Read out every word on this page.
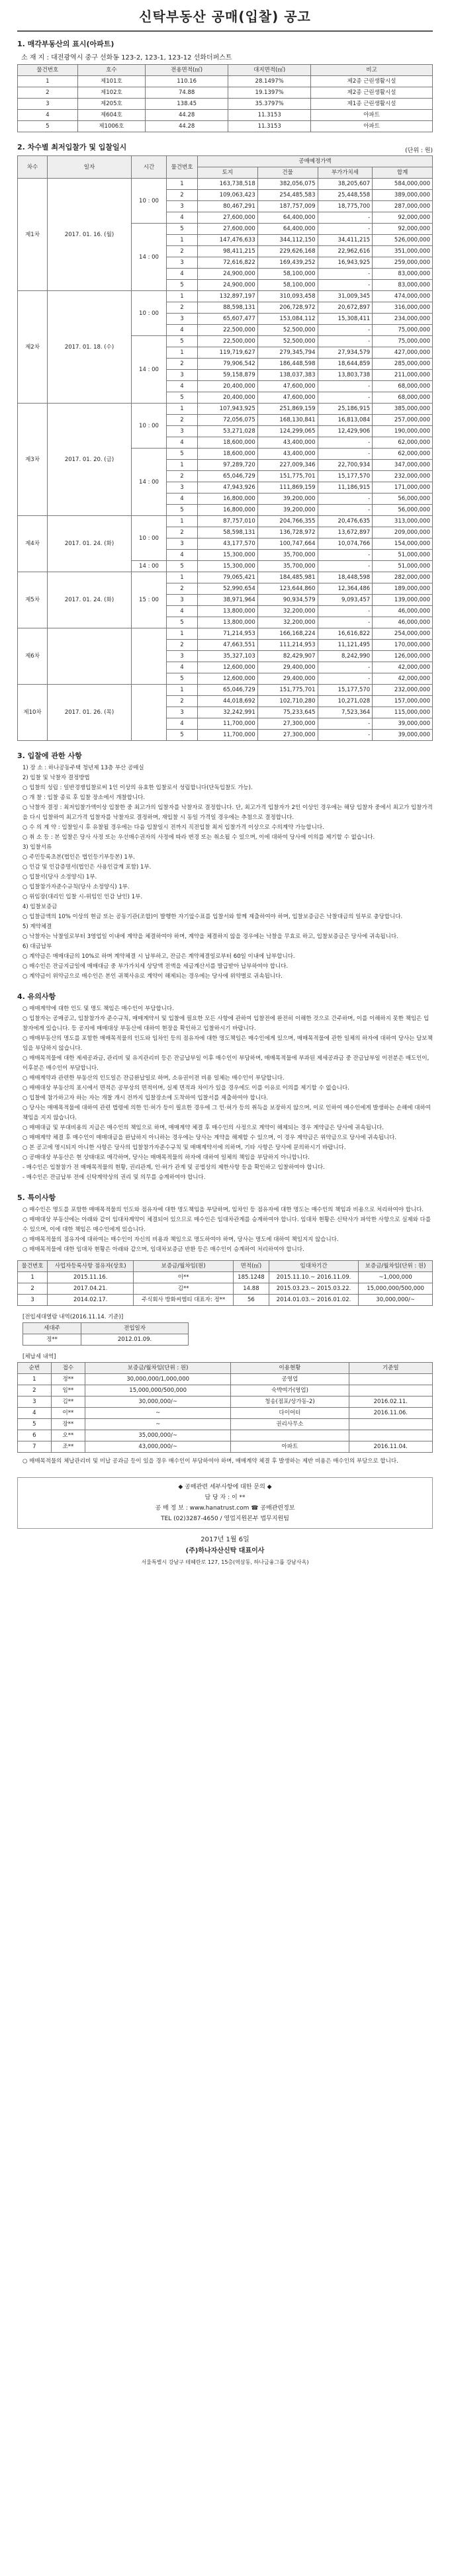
신탁부동산 공매(입찰) 공고
1. 매각부동산의 표시(아파트)
소 재 지 : 대전광역시 중구 선화동 123-2, 123-1, 123-12 선화더퍼스트
물건번호	호수	전용면적(㎡)	대지면적(㎡)	비고
1	제101호	110.16	28.1497%	제2종 근린생활시설
2	제102호	74.88	19.1397%	제2종 근린생활시설
3	제205호	138.45	35.3797%	제1종 근린생활시설
4	제604호	44.28	11.3153	아파트
5	제1006호	44.28	11.3153	아파트
2. 차수별 최저입찰가 및 입찰일시	(단위 : 원)
차수	일자	시간	물건번호	공매예정가액			
				토지	건물	부가가치세	합계
제1차	2017. 01. 16. (월)	10 : 00	1	163,738,518	382,056,075	38,205,607	584,000,000
			2	109,063,423	254,485,583	25,448,558	389,000,000
			3	80,467,291	187,757,009	18,775,700	287,000,000
			4	27,600,000	64,400,000	-	92,000,000
		14 : 00	5	27,600,000	64,400,000	-	92,000,000
			1	147,476,633	344,112,150	34,411,215	526,000,000
			2	98,411,215	229,626,168	22,962,616	351,000,000
			3	72,616,822	169,439,252	16,943,925	259,000,000
			4	24,900,000	58,100,000	-	83,000,000
			5	24,900,000	58,100,000	-	83,000,000
제2차	2017. 01. 18. (수)	10 : 00	1	132,897,197	310,093,458	31,009,345	474,000,000
			2	88,598,131	206,728,972	20,672,897	316,000,000
			3	65,607,477	153,084,112	15,308,411	234,000,000
			4	22,500,000	52,500,000	-	75,000,000
		14 : 00	5	22,500,000	52,500,000	-	75,000,000
			1	119,719,627	279,345,794	27,934,579	427,000,000
			2	79,906,542	186,448,598	18,644,859	285,000,000
			3	59,158,879	138,037,383	13,803,738	211,000,000
			4	20,400,000	47,600,000	-	68,000,000
			5	20,400,000	47,600,000	-	68,000,000
제3차	2017. 01. 20. (금)	10 : 00	1	107,943,925	251,869,159	25,186,915	385,000,000
			2	72,056,075	168,130,841	16,813,084	257,000,000
			3	53,271,028	124,299,065	12,429,906	190,000,000
			4	18,600,000	43,400,000	-	62,000,000
		14 : 00	5	18,600,000	43,400,000	-	62,000,000
			1	97,289,720	227,009,346	22,700,934	347,000,000
			2	65,046,729	151,775,701	15,177,570	232,000,000
			3	47,943,926	111,869,159	11,186,915	171,000,000
			4	16,800,000	39,200,000	-	56,000,000
			5	16,800,000	39,200,000	-	56,000,000
제4차	2017. 01. 24. (화)	10 : 00	1	87,757,010	204,766,355	20,476,635	313,000,000
			2	58,598,131	136,728,972	13,672,897	209,000,000
			3	43,177,570	100,747,664	10,074,766	154,000,000
			4	15,300,000	35,700,000	-	51,000,000
		14 : 00	5	15,300,000	35,700,000	-	51,000,000
제5차	2017. 01. 24. (화)	15 : 00	1	79,065,421	184,485,981	18,448,598	282,000,000
			2	52,990,654	123,644,860	12,364,486	189,000,000
			3	38,971,964	90,934,579	9,093,457	139,000,000
			4	13,800,000	32,200,000	-	46,000,000
			5	13,800,000	32,200,000	-	46,000,000
제6차			1	71,214,953	166,168,224	16,616,822	254,000,000
			2	47,663,551	111,214,953	11,121,495	170,000,000
			3	35,327,103	82,429,907	8,242,990	126,000,000
			4	12,600,000	29,400,000	-	42,000,000
			5	12,600,000	29,400,000	-	42,000,000
제10차	2017. 01. 26. (목)		1	65,046,729	151,775,701	15,177,570	232,000,000
			2	44,018,692	102,710,280	10,271,028	157,000,000
			3	32,242,991	75,233,645	7,523,364	115,000,000
			4	11,700,000	27,300,000	-	39,000,000
			5	11,700,000	27,300,000	-	39,000,000
3. 입찰에 관한 사항
1) 장 소 : 하나공동주택 청년제 13층 부산 공매실
2) 입찰 및 낙찰자 결정방법
○ 입찰의 성립 : 일반경쟁입찰로써 1인 이상의 유효한 입찰로서 성립합니다(단독입찰도 가능).
○ 개 찰 : 입찰 종료 후 입찰 장소에서 개찰합니다.
○ 낙찰자 결정 : 최저입찰가액이상 입찰한 중 최고가의 입찰자를 낙찰자로 결정합니다. 단, 최고가격 입찰자가 2인 이상인 경우에는 해당 입찰자 중에서 최고가 입찰가격을 다시 입찰하여 최고가격 입찰자를 낙찰자로 결정하며, 재입찰 시 동일 가격일 경우에는 추첨으로 결정합니다.
○ 수 의 계 약 : 입찰일시 후 유찰될 경우에는 다음 입찰일시 전까지 직전입찰 최저 입찰가격 이상으로 수의계약 가능합니다.
○ 취 소 등 : 본 입찰은 당사 사정 또는 우선매수권자의 사정에 따라 변경 또는 취소될 수 있으며, 이에 대하여 당사에 이의를 제기할 수 없습니다.
3) 입찰서류
○ 주민등록초본(법인은 법인등기부등본) 1부.
○ 인감 및 인감증명서(법인은 사용인감계 포함) 1부.
○ 입찰서(당사 소정양식) 1부.
○ 입찰참가자준수규칙(당사 소정양식) 1부.
○ 위임장(대리인 입찰 시-위임인 인감 날인) 1부.
4) 입찰보증금
○ 입찰금액의 10% 이상의 현금 또는 공동기관(조합)이 발행한 자기앞수표를 입찰서와 함께 제출하여야 하며, 입찰보증금은 낙찰대금의 일부로 충당합니다.
5) 계약체결
○ 낙찰자는 낙찰일로부터 3영업일 이내에 계약을 체결하여야 하며, 계약을 체결하지 않을 경우에는 낙찰을 무효로 하고, 입찰보증금은 당사에 귀속됩니다.
6) 대금납부
○ 계약금은 매매대금의 10%로 하며 계약체결 시 납부하고, 잔금은 계약체결일로부터 60일 이내에 납부합니다.
○ 매수인은 잔금지급일에 매매대금 중 부가가치세 상당액 전액을 세금계산서를 발급받아 납부하여야 합니다.
○ 계약금이 위약금으로 매수인은 본인 귀책사유로 계약이 해제되는 경우에는 당사에 위약벌로 귀속됩니다.
4. 유의사항
○ 매매계약에 대한 인도 및 명도 책임은 매수인이 부담합니다.
○ 입찰자는 공매공고, 입찰참가자 준수규칙, 매매계약서 및 입찰에 필요한 모든 사항에 관하여 입찰전에 완전히 이해한 것으로 간주하며, 이를 이해하지 못한 책임은 입찰자에게 있습니다. 등 공지에 매매대상 부동산에 대하여 현장을 확인하고 입찰하시기 바랍니다.
○ 매매부동산의 명도를 포함한 매매목적물의 인도와 임차인 등의 점유자에 대한 명도책임은 매수인에게 있으며, 매매목적물에 관한 일체의 하자에 대하여 당사는 담보책임을 부담하지 않습니다.
○ 매매목적물에 대한 제세공과금, 관리비 및 유지관리비 등은 잔금납부일 이후 매수인이 부담하며, 매매목적물에 부과된 제세공과금 중 잔금납부일 이전분은 매도인이, 이후분은 매수인이 부담합니다.
○ 매매계약과 관련한 부동산의 인도일은 잔금완납일로 하며, 소유권이전 비용 일체는 매수인이 부담합니다.
○ 매매대상 부동산의 표시에서 면적은 공부상의 면적이며, 실제 면적과 차이가 있을 경우에도 이를 이유로 이의를 제기할 수 없습니다.
○ 입찰에 참가하고자 하는 자는 개찰 개시 전까지 입찰장소에 도착하여 입찰서를 제출하여야 합니다.
○ 당사는 매매목적물에 대하여 관련 법령에 의한 인·허가 등이 필요한 경우에 그 인·허가 등의 취득을 보장하지 않으며, 이로 인하여 매수인에게 발생하는 손해에 대하여 책임을 지지 않습니다.
○ 매매대금 및 부대비용의 지급은 매수인의 책임으로 하며, 매매계약 체결 후 매수인의 사정으로 계약이 해제되는 경우 계약금은 당사에 귀속됩니다.
○ 매매계약 체결 후 매수인이 매매대금을 완납하지 아니하는 경우에는 당사는 계약을 해제할 수 있으며, 이 경우 계약금은 위약금으로 당사에 귀속됩니다.
○ 본 공고에 명시되지 아니한 사항은 당사의 입찰참가자준수규칙 및 매매계약서에 의하며, 기타 사항은 당사에 문의하시기 바랍니다.
○ 공매대상 부동산은 현 상태대로 매각하며, 당사는 매매목적물의 하자에 대하여 일체의 책임을 부담하지 아니합니다.
- 매수인은 입찰참가 전 매매목적물의 현황, 권리관계, 인·허가 관계 및 공법상의 제한사항 등을 확인하고 입찰하여야 합니다.
- 매수인은 잔금납부 전에 신탁계약상의 권리 및 의무를 승계하여야 합니다.
5. 특이사항
○ 매수인은 명도를 포함한 매매목적물의 인도와 점유자에 대한 명도책임을 부담하며, 임차인 등 점유자에 대한 명도는 매수인의 책임과 비용으로 처리하여야 합니다.
○ 매매대상 부동산에는 아래와 같이 임대차계약이 체결되어 있으므로 매수인은 임대차관계를 승계하여야 합니다. 임대차 현황은 신탁사가 파악한 사항으로 실제와 다를 수 있으며, 이에 대한 책임은 매수인에게 있습니다.
○ 매매목적물의 점유자에 대하여는 매수인이 자신의 비용과 책임으로 명도하여야 하며, 당사는 명도에 대하여 책임지지 않습니다.
○ 매매목적물에 대한 임대차 현황은 아래와 같으며, 임대차보증금 반환 등은 매수인이 승계하여 처리하여야 합니다.
물건번호	사업자등록사항 점유자(상호)	보증금/월차임(원)	면적(㎡)	임대차기간	보증금/월차임(단위 : 원)
1	2015.11.16.	이**	185.1248	2015.11.10.~ 2016.11.09.	~1,000,000
2	2017.04.21.	김**	14.88	2015.03.23.~ 2015.03.22.	15,000,000/500,000
3	2014.02.17.	주식회사 방화씨엠티 대표자: 정**	56	2014.01.03.~ 2016.01.02.	30,000,000/~
[전입세대열람 내역(2016.11.14. 기준)]
세대주	전입일자
정**	2012.01.09.
[체납세 내역]
순번	접수	보증금/월차임(단위 : 원)	이용현황	기준일
1	정**	30,000,000/1,000,000	공영업	
2	임**	15,000,000/500,000	숙박여가(영업)	
3	김**	30,000,000/~	청송(점포/상가동-2)	2016.02.11.
4	이**	~	다이어터	2016.11.06.
5	장**	~	권리사무소	
6	오**	35,000,000/~		
7	조**	43,000,000/~	아파트	2016.11.04.
○ 매매목적물의 체납관리비 및 미납 공과금 등이 있을 경우 매수인이 부담하여야 하며, 매매계약 체결 후 발생하는 제반 비용은 매수인의 부담으로 합니다.
◆ 공매관련 세부사항에 대한 문의 ◆
담 당 자 : 이 **
공 매 정 보 : www.hanatrust.com ☎ 공매관련정보
TEL (02)3287-4650 / 영업지원본부 법무지원팀
2017년 1월 6일
(주)하나자산신탁 대표이사
서울특별시 강남구 테헤란로 127, 15층(역삼동, 하나금융그룹 강남사옥)
